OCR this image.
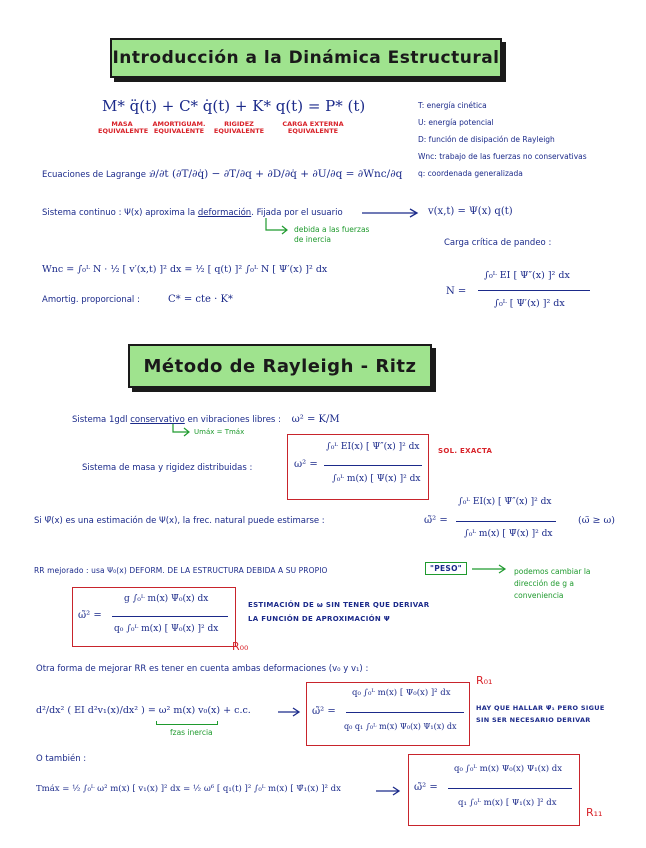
Introducción a la Dinámica Estructural
M* q̈(t) + C* q̇(t) + K* q(t) = P* (t)
MASA
EQUIVALENTE
AMORTIGUAM.
EQUIVALENTE
RIGIDEZ
EQUIVALENTE
CARGA EXTERNA
EQUIVALENTE
T: energía cinética
U: energía potencial
D: función de disipación de Rayleigh
Wnc: trabajo de las fuerzas no conservativas
q: coordenada generalizada
Ecuaciones de Lagrange :
∂/∂t (∂T/∂q̇) − ∂T/∂q + ∂D/∂q̇ + ∂U/∂q = ∂Wnc/∂q
Sistema continuo : Ψ(x) aproxima la deformación. Fijada por el usuario	v(x,t) = Ψ(x) q(t)
debida a las fuerzas
de inercia	Carga crítica de pandeo :
N =
∫₀ᴸ EI [ Ψ″(x) ]² dx
∫₀ᴸ [ Ψ′(x) ]² dx
Wnc = ∫₀ᴸ N · ½ [ v′(x,t) ]² dx = ½ [ q(t) ]² ∫₀ᴸ N [ Ψ′(x) ]² dx
Amortig. proporcional :	C* = cte · K*
Método de Rayleigh - Ritz
Sistema 1gdl conservativo en vibraciones libres : ω² = K/M
Umáx = Tmáx
Sistema de masa y rigidez distribuidas :	ω² =
∫₀ᴸ EI(x) [ Ψ″(x) ]² dx
∫₀ᴸ m(x) [ Ψ(x) ]² dx
SOL. EXACTA
Si Ψ̃(x) es una estimación de Ψ(x), la frec. natural puede estimarse :	ω̃² =
∫₀ᴸ EI(x) [ Ψ̃″(x) ]² dx
∫₀ᴸ m(x) [ Ψ̃(x) ]² dx
(ω̃ ≥ ω)
RR mejorado : usa Ψ₀(x) DEFORM. DE LA ESTRUCTURA DEBIDA A SU PROPIO	"PESO"	podemos cambiar la
dirección de g a
conveniencia
ω̃² =
g ∫₀ᴸ m(x) Ψ̃₀(x) dx
q₀ ∫₀ᴸ m(x) [ Ψ₀(x) ]² dx
ESTIMACIÓN DE ω SIN TENER QUE DERIVAR
LA FUNCIÓN DE APROXIMACIÓN Ψ
R₀₀
Otra forma de mejorar RR es tener en cuenta ambas deformaciones (v₀ y v₁) :
R₀₁
d²/dx² ( EI d²v₁(x)/dx² ) = ω² m(x) v₀(x) + c.c.
fzas inercia
ω̃² =
q₀ ∫₀ᴸ m(x) [ Ψ₀(x) ]² dx
q₀ q₁ ∫₀ᴸ m(x) Ψ₀(x) Ψ₁(x) dx
HAY QUE HALLAR Ψ̃₁ PERO SIGUE
SIN SER NECESARIO DERIVAR
O también :
Tmáx = ½ ∫₀ᴸ ω² m(x) [ v₁(x) ]² dx = ½ ω⁶ [ q₁(t) ]² ∫₀ᴸ m(x) [ Ψ̃₁(x) ]² dx	ω̃² =
q₀ ∫₀ᴸ m(x) Ψ₀(x) Ψ₁(x) dx
q₁ ∫₀ᴸ m(x) [ Ψ₁(x) ]² dx
R₁₁
